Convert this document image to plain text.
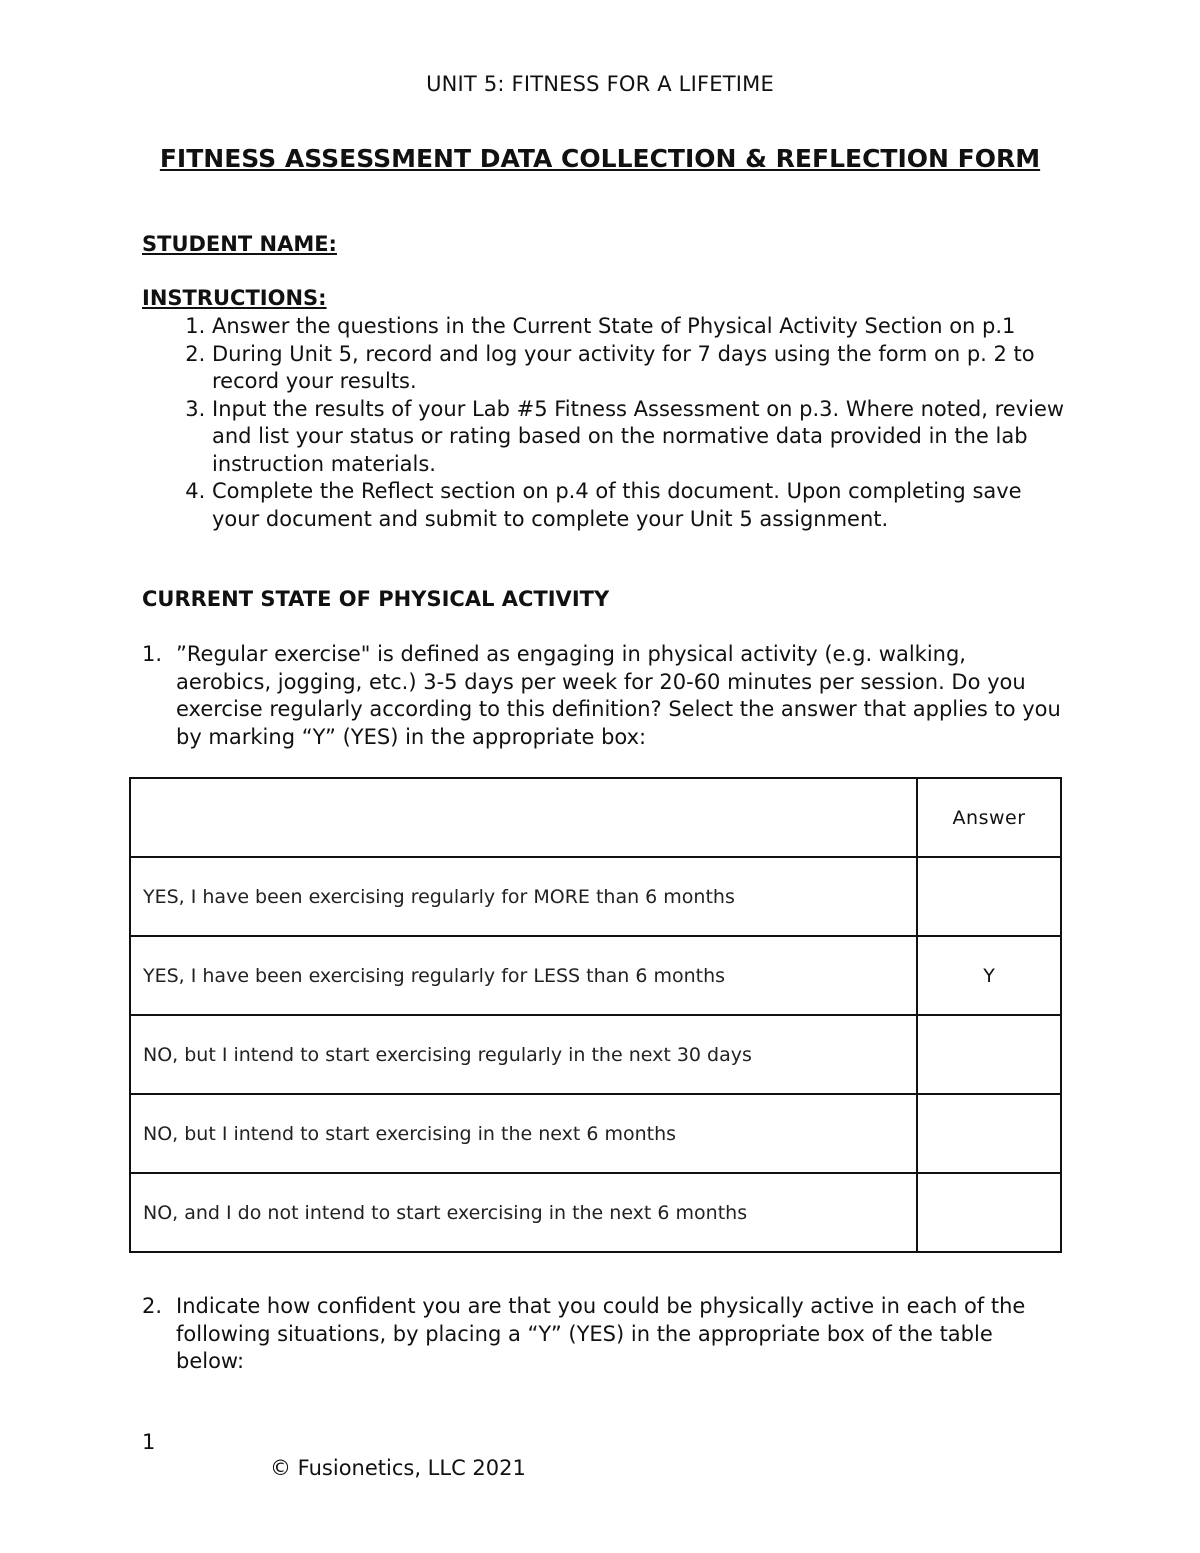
UNIT 5: FITNESS FOR A LIFETIME
FITNESS ASSESSMENT DATA COLLECTION & REFLECTION FORM
STUDENT NAME:
INSTRUCTIONS:
1. Answer the questions in the Current State of Physical Activity Section on p.1
2. During Unit 5, record and log your activity for 7 days using the form on p. 2 to record your results.
3. Input the results of your Lab #5 Fitness Assessment on p.3. Where noted, review and list your status or rating based on the normative data provided in the lab instruction materials.
4. Complete the Reflect section on p.4 of this document. Upon completing save your document and submit to complete your Unit 5 assignment.
CURRENT STATE OF PHYSICAL ACTIVITY
1. ”Regular exercise" is defined as engaging in physical activity (e.g. walking, aerobics, jogging, etc.) 3-5 days per week for 20-60 minutes per session. Do you exercise regularly according to this definition? Select the answer that applies to you by marking “Y” (YES) in the appropriate box:
	Answer
YES, I have been exercising regularly for MORE than 6 months	
YES, I have been exercising regularly for LESS than 6 months	Y
NO, but I intend to start exercising regularly in the next 30 days	
NO, but I intend to start exercising in the next 6 months	
NO, and I do not intend to start exercising in the next 6 months	
2. Indicate how confident you are that you could be physically active in each of the following situations, by placing a “Y” (YES) in the appropriate box of the table below:
1
© Fusionetics, LLC 2021
